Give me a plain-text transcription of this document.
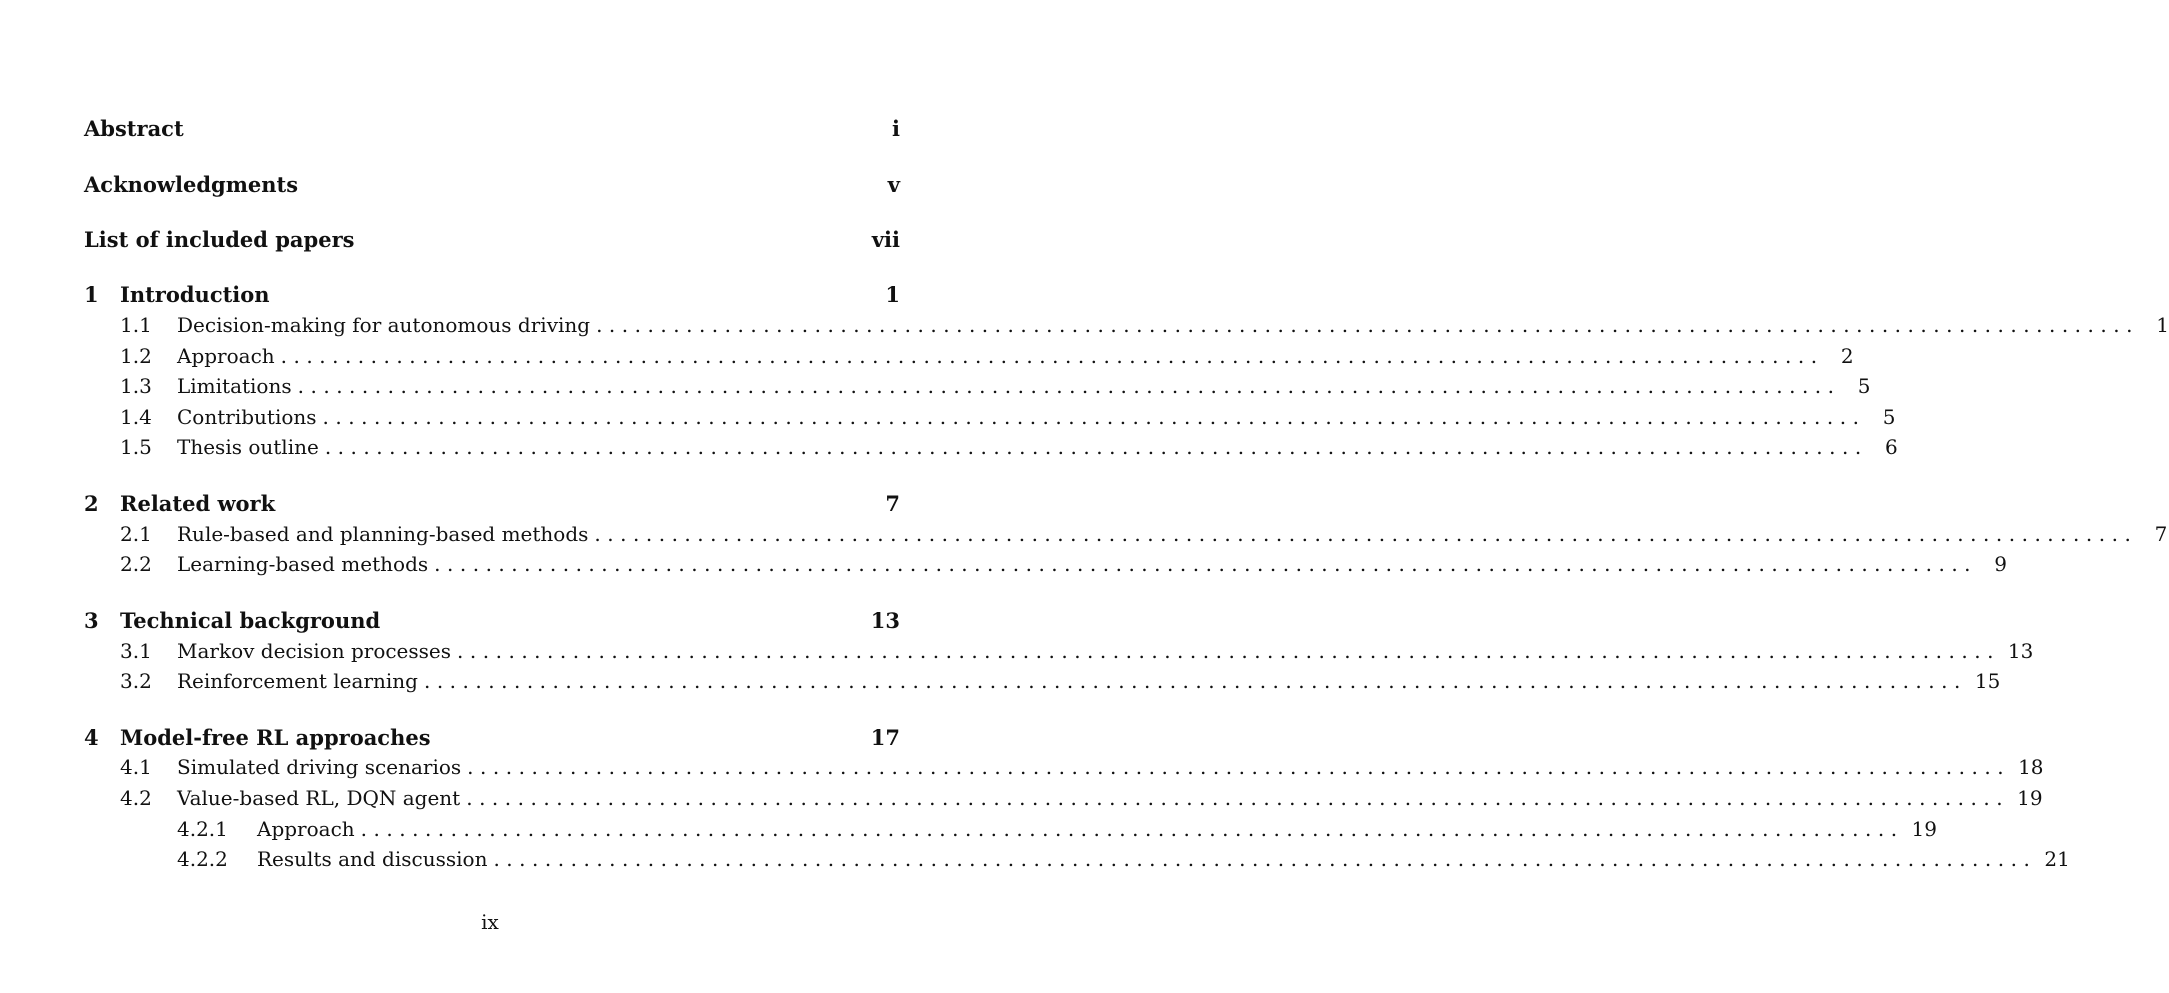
Abstract	i
Acknowledgments	v
List of included papers	vii
1	Introduction	1
1.1	Decision-making for autonomous driving ........................................................................................................................ 1
1.2	Approach ........................................................................................................................ 2
1.3	Limitations ........................................................................................................................ 5
1.4	Contributions ........................................................................................................................ 5
1.5	Thesis outline ........................................................................................................................ 6
2	Related work	7
2.1	Rule-based and planning-based methods ........................................................................................................................ 7
2.2	Learning-based methods ........................................................................................................................ 9
3	Technical background	13
3.1	Markov decision processes ........................................................................................................................ 13
3.2	Reinforcement learning ........................................................................................................................ 15
4	Model-free RL approaches	17
4.1	Simulated driving scenarios ........................................................................................................................ 18
4.2	Value-based RL, DQN agent ........................................................................................................................ 19
4.2.1	Approach ........................................................................................................................ 19
4.2.2	Results and discussion ........................................................................................................................ 21
ix
